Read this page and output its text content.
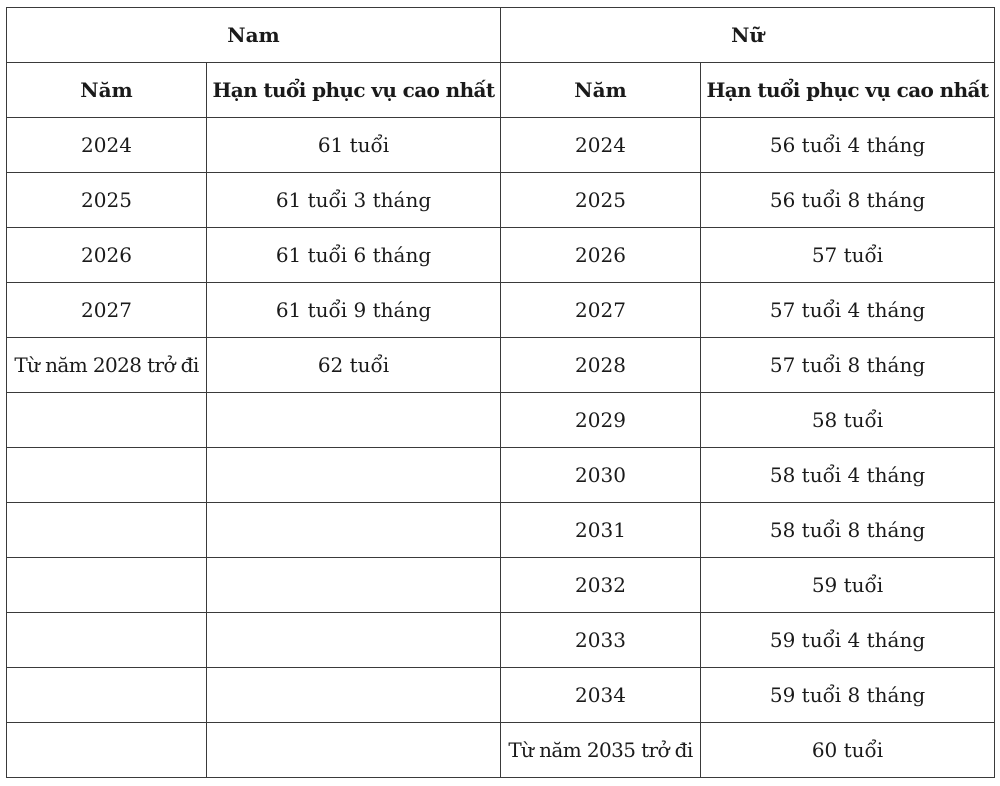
Nam		Nữ	
Năm	Hạn tuổi phục vụ cao nhất	Năm	Hạn tuổi phục vụ cao nhất
2024	61 tuổi	2024	56 tuổi 4 tháng
2025	61 tuổi 3 tháng	2025	56 tuổi 8 tháng
2026	61 tuổi 6 tháng	2026	57 tuổi
2027	61 tuổi 9 tháng	2027	57 tuổi 4 tháng
Từ năm 2028 trở đi	62 tuổi	2028	57 tuổi 8 tháng
		2029	58 tuổi
		2030	58 tuổi 4 tháng
		2031	58 tuổi 8 tháng
		2032	59 tuổi
		2033	59 tuổi 4 tháng
		2034	59 tuổi 8 tháng
		Từ năm 2035 trở đi	60 tuổi
